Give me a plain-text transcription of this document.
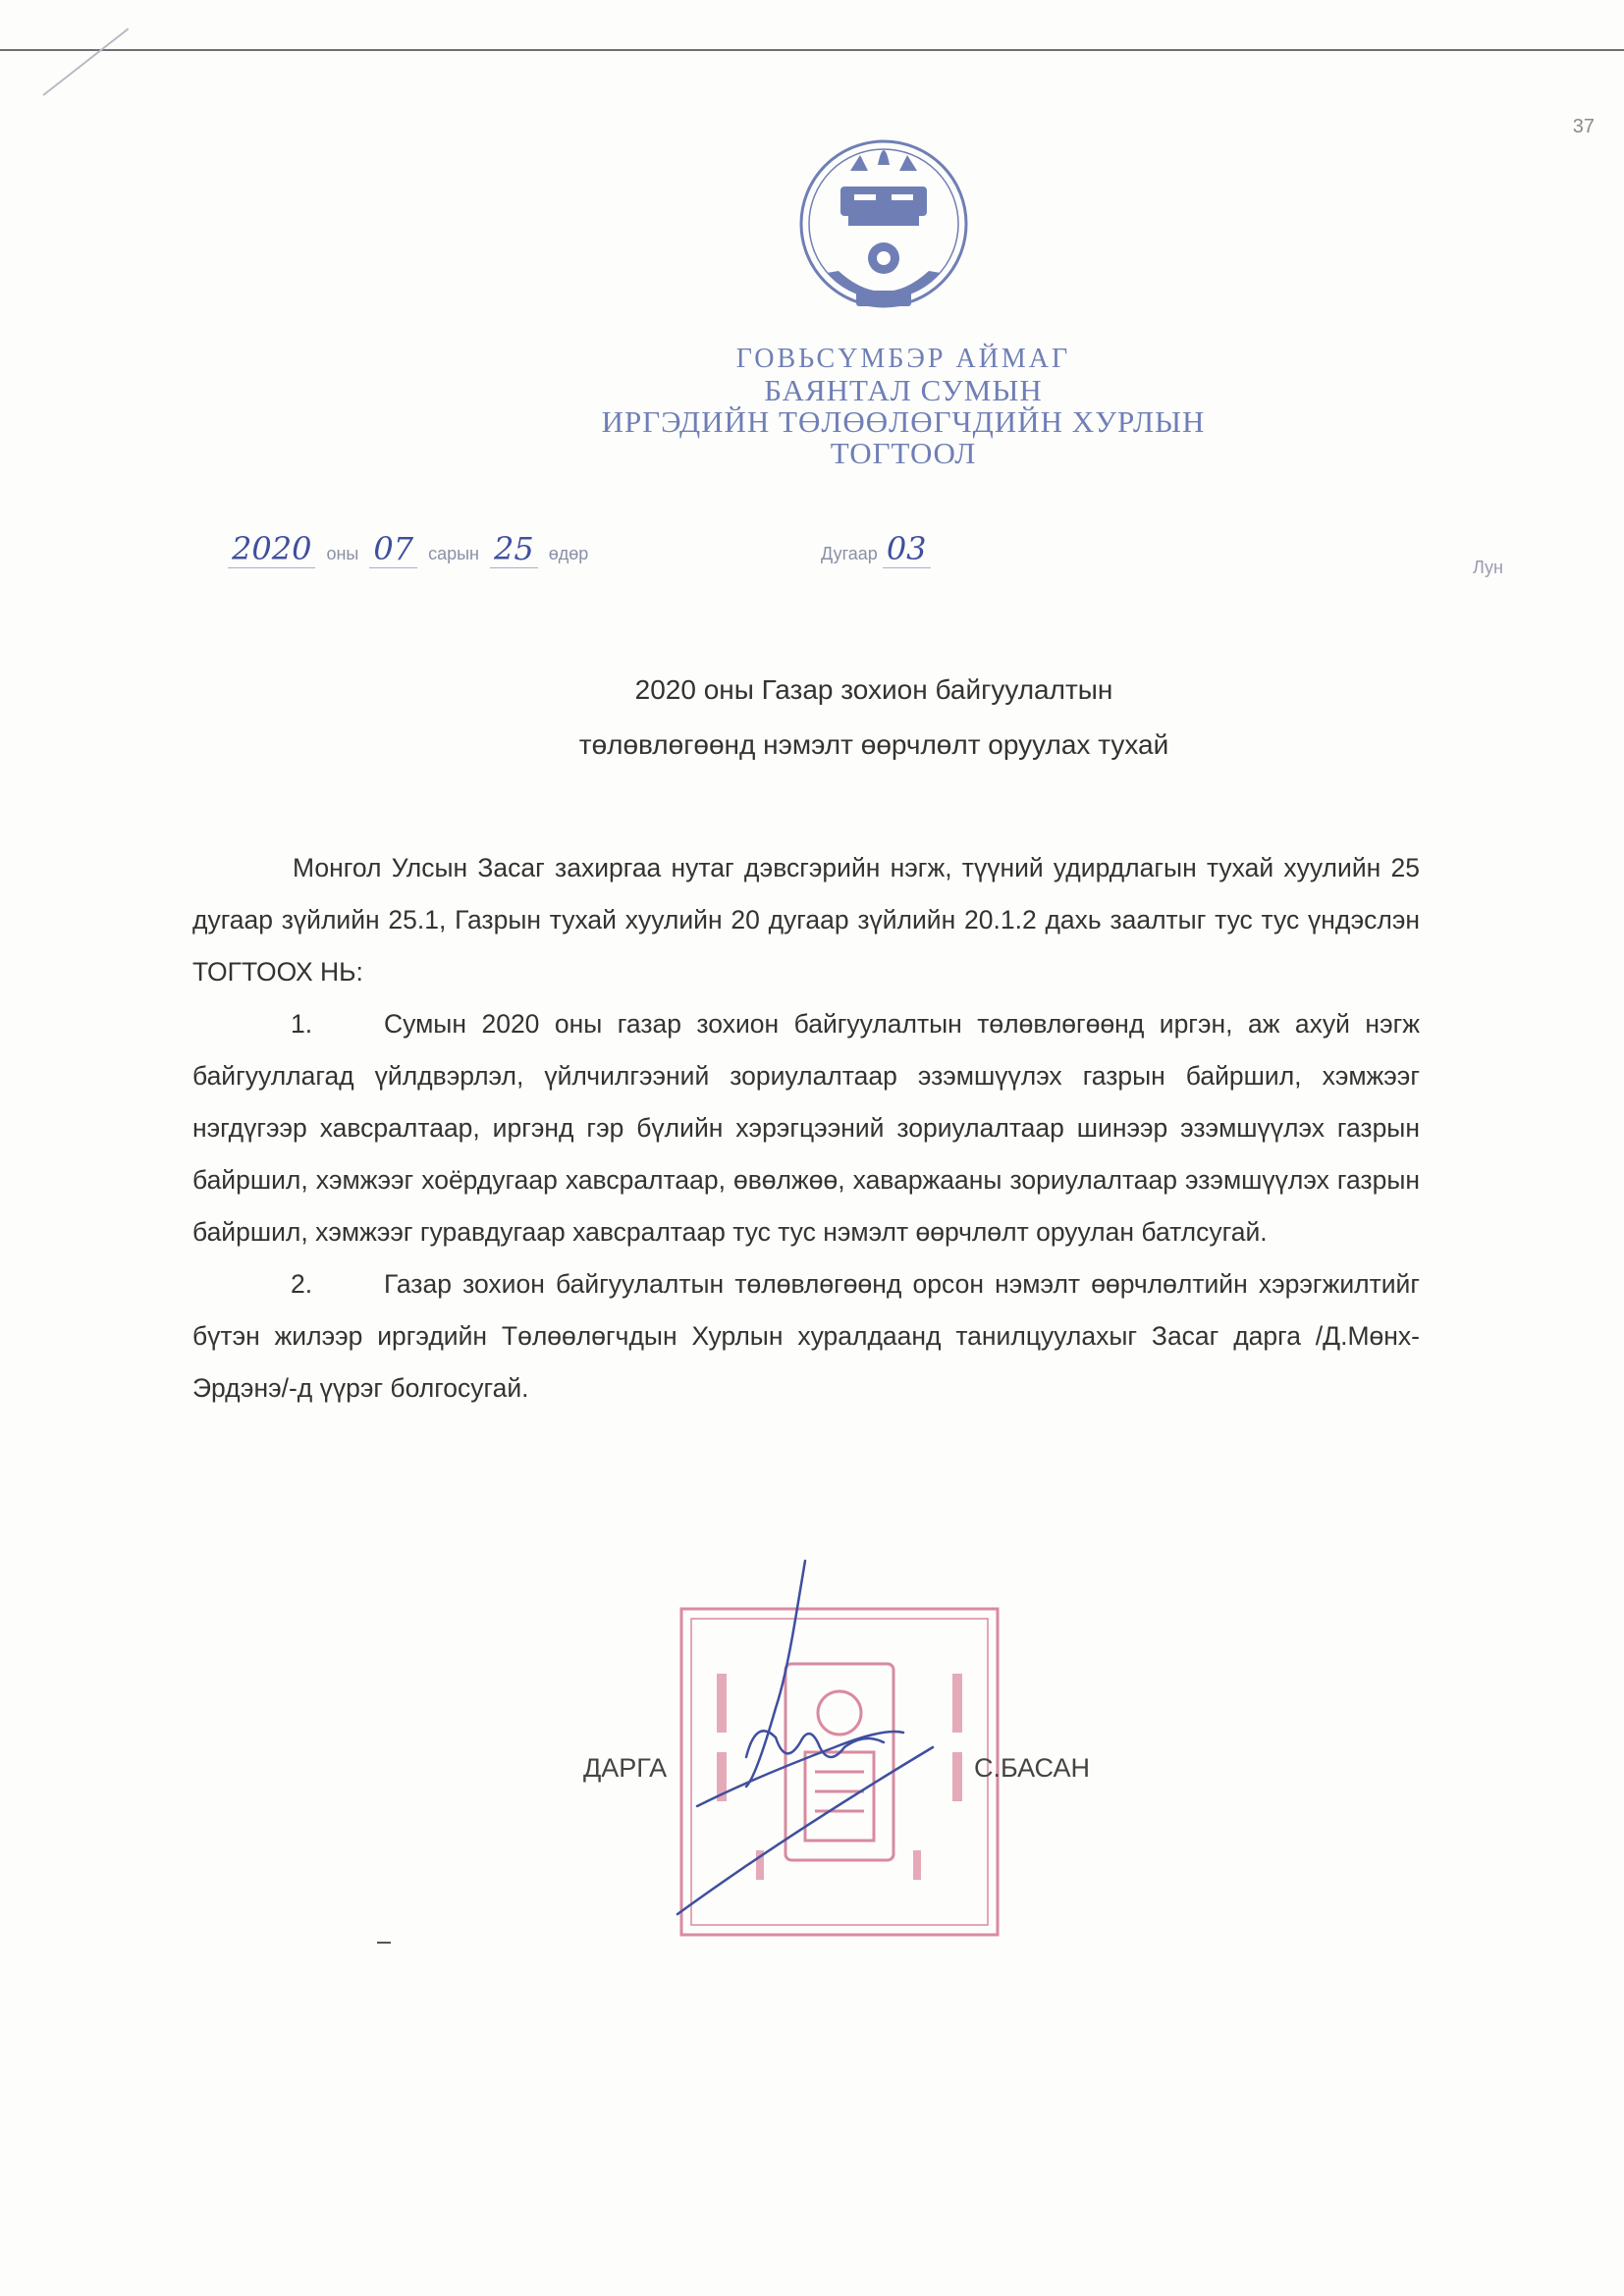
37
ГОВЬСҮМБЭР АЙМАГ
БАЯНТАЛ СУМЫН
ИРГЭДИЙН ТӨЛӨӨЛӨГЧДИЙН ХУРЛЫН
ТОГТООЛ
2020 оны 07 сарын 25 өдөр	Дугаар 03	Лун
2020 оны Газар зохион байгуулалтын
төлөвлөгөөнд нэмэлт өөрчлөлт оруулах тухай

Монгол Улсын Засаг захиргаа нутаг дэвсгэрийн нэгж, түүний удирдлагын тухай хуулийн 25 дугаар зүйлийн 25.1, Газрын тухай хуулийн 20 дугаар зүйлийн 20.1.2 дахь заалтыг тус тус үндэслэн ТОГТООХ НЬ:

1.	Сумын 2020 оны газар зохион байгуулалтын төлөвлөгөөнд иргэн, аж ахуй нэгж байгууллагад үйлдвэрлэл, үйлчилгээний зориулалтаар эзэмшүүлэх газрын байршил, хэмжээг нэгдүгээр хавсралтаар, иргэнд гэр бүлийн хэрэгцээний зориулалтаар шинээр эзэмшүүлэх газрын байршил, хэмжээг хоёрдугаар хавсралтаар, өвөлжөө, хаваржааны зориулалтаар эзэмшүүлэх газрын байршил, хэмжээг гуравдугаар хавсралтаар тус тус нэмэлт өөрчлөлт оруулан батлсугай.

2.	Газар зохион байгуулалтын төлөвлөгөөнд орсон нэмэлт өөрчлөлтийн хэрэгжилтийг бүтэн жилээр иргэдийн Төлөөлөгчдын Хурлын хуралдаанд танилцуулахыг Засаг дарга /Д.Мөнх-Эрдэнэ/-д үүрэг болгосугай.

ДАРГА	С.БАСАН
